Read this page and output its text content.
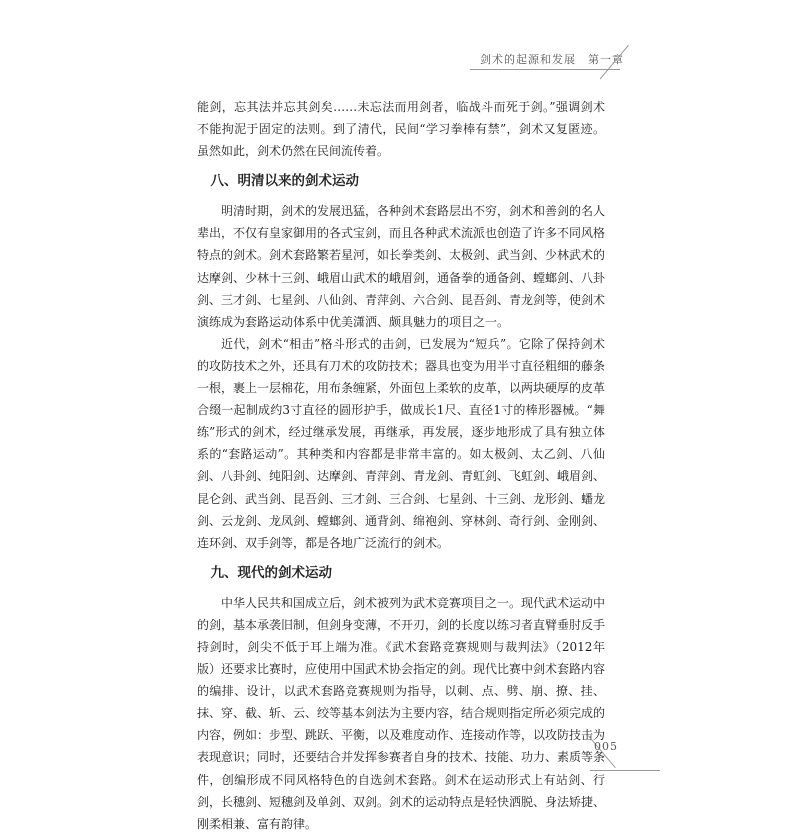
剑术的起源和发展　第一章

能剑，忘其法并忘其剑矣……未忘法而用剑者，临战斗而死于剑。”强调剑术不能拘泥于固定的法则。到了清代，民间“学习拳棒有禁”，剑术又复匿迹。虽然如此，剑术仍然在民间流传着。

八、明清以来的剑术运动

明清时期，剑术的发展迅猛，各种剑术套路层出不穷，剑术和善剑的名人辈出，不仅有皇家御用的各式宝剑，而且各种武术流派也创造了许多不同风格特点的剑术。剑术套路繁若星河，如长拳类剑、太极剑、武当剑、少林武术的达摩剑、少林十三剑、峨眉山武术的峨眉剑，通备拳的通备剑、螳螂剑、八卦剑、三才剑、七星剑、八仙剑、青萍剑、六合剑、昆吾剑、青龙剑等，使剑术演练成为套路运动体系中优美潇洒、颇具魅力的项目之一。

近代，剑术“相击”格斗形式的击剑，已发展为“短兵”。它除了保持剑术的攻防技术之外，还具有刀术的攻防技术；器具也变为用半寸直径粗细的藤条一根，裹上一层棉花，用布条缠紧，外面包上柔软的皮革，以两块硬厚的皮革合缀一起制成约3寸直径的圆形护手，做成长1尺、直径1寸的棒形器械。“舞练”形式的剑术，经过继承发展，再继承，再发展，逐步地形成了具有独立体系的“套路运动”。其种类和内容都是非常丰富的。如太极剑、太乙剑、八仙剑、八卦剑、纯阳剑、达摩剑、青萍剑、青龙剑、青虹剑、飞虹剑、峨眉剑、昆仑剑、武当剑、昆吾剑、三才剑、三合剑、七星剑、十三剑、龙形剑、蟠龙剑、云龙剑、龙凤剑、螳螂剑、通背剑、绵袍剑、穿林剑、奇行剑、金刚剑、连环剑、双手剑等，都是各地广泛流行的剑术。

九、现代的剑术运动

中华人民共和国成立后，剑术被列为武术竞赛项目之一。现代武术运动中的剑，基本承袭旧制，但剑身变薄，不开刃，剑的长度以练习者直臂垂肘反手持剑时，剑尖不低于耳上端为准。《武术套路竞赛规则与裁判法》（2012年版）还要求比赛时，应使用中国武术协会指定的剑。现代比赛中剑术套路内容的编排、设计，以武术套路竞赛规则为指导，以刺、点、劈、崩、撩、挂、抹、穿、截、斩、云、绞等基本剑法为主要内容，结合规则指定所必须完成的内容，例如：步型、跳跃、平衡，以及难度动作、连接动作等，以攻防技击为表现意识；同时，还要结合并发挥参赛者自身的技术、技能、功力、素质等条件，创编形成不同风格特色的自选剑术套路。剑术在运动形式上有站剑、行剑，长穗剑、短穗剑及单剑、双剑。剑术的运动特点是轻快洒脱、身法矫捷、刚柔相兼、富有韵律。

005
